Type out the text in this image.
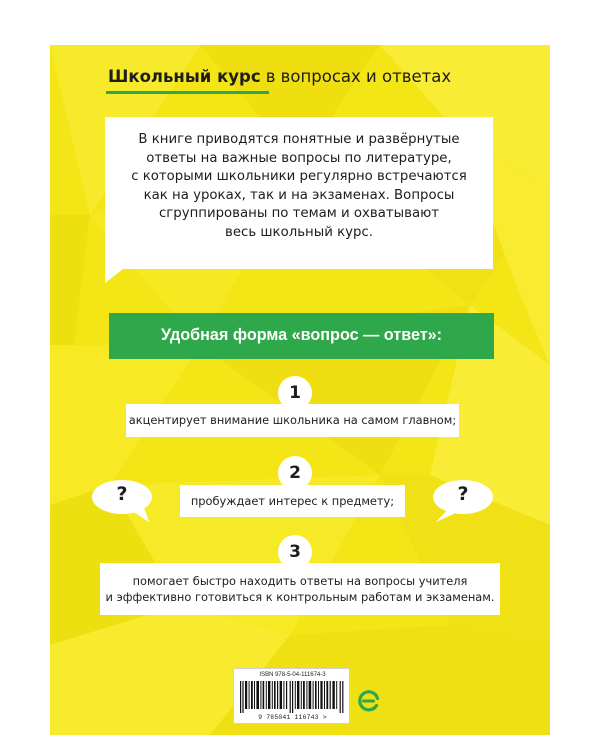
Школьный курс в вопросах и ответах
В книге приводятся понятные и развёрнутые
ответы на важные вопросы по литературе,
с которыми школьники регулярно встречаются
как на уроках, так и на экзаменах. Вопросы
сгруппированы по темам и охватывают
весь школьный курс.
Удобная форма «вопрос — ответ»:
1
акцентирует внимание школьника на самом главном;
2
пробуждает интерес к предмету;
3
помогает быстро находить ответы на вопросы учителя
и эффективно готовиться к контрольным работам и экзаменам.
?	?
ISBN 978-5-04-111674-3
9 785041 116743 >
